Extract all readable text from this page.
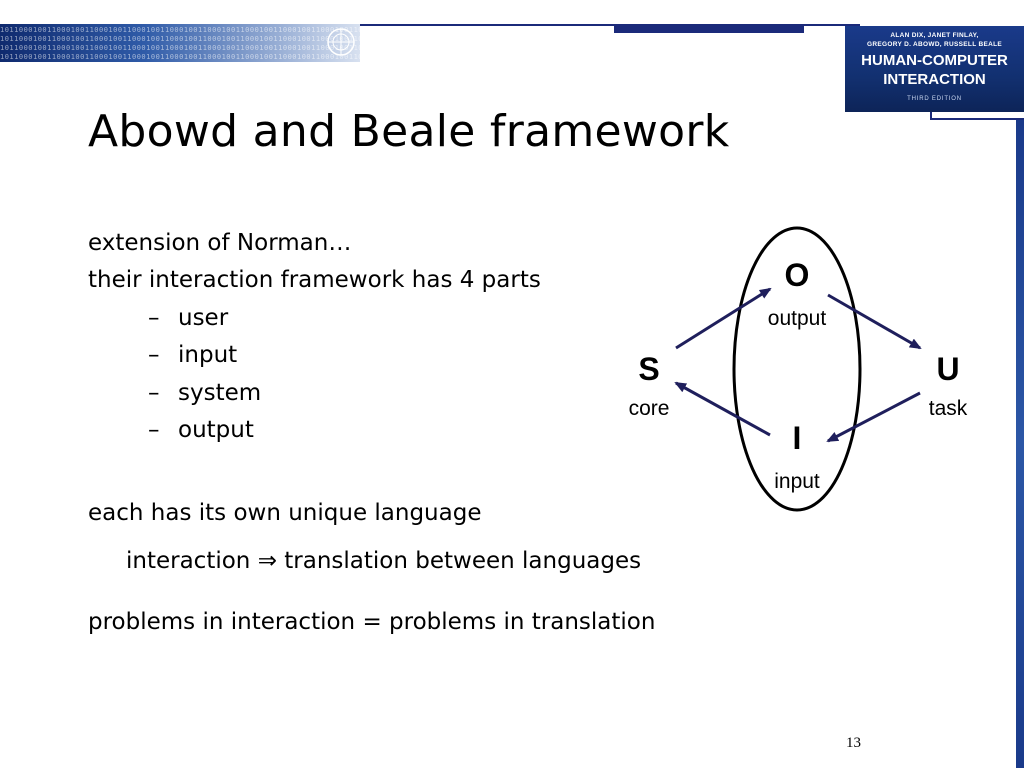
1011000100110001001100010011000100110001001100010011000100110001001100010011000100110001
1011000100110001001100010011000100110001001100010011000100110001001100010011000100110001
1011000100110001001100010011000100110001001100010011000100110001001100010011000100110001
1011000100110001001100010011000100110001001100010011000100110001001100010011000100110001
ALAN DIX, JANET FINLAY,
GREGORY D. ABOWD, RUSSELL BEALE
HUMAN-COMPUTER
INTERACTION
THIRD EDITION
Abowd and Beale framework
extension of Norman…
their interaction framework has 4 parts
– user
– input
– system
– output
each has its own unique language
interaction ⇒ translation between languages
problems in interaction = problems in translation
O
output
S
core
U
task
I
input
13
